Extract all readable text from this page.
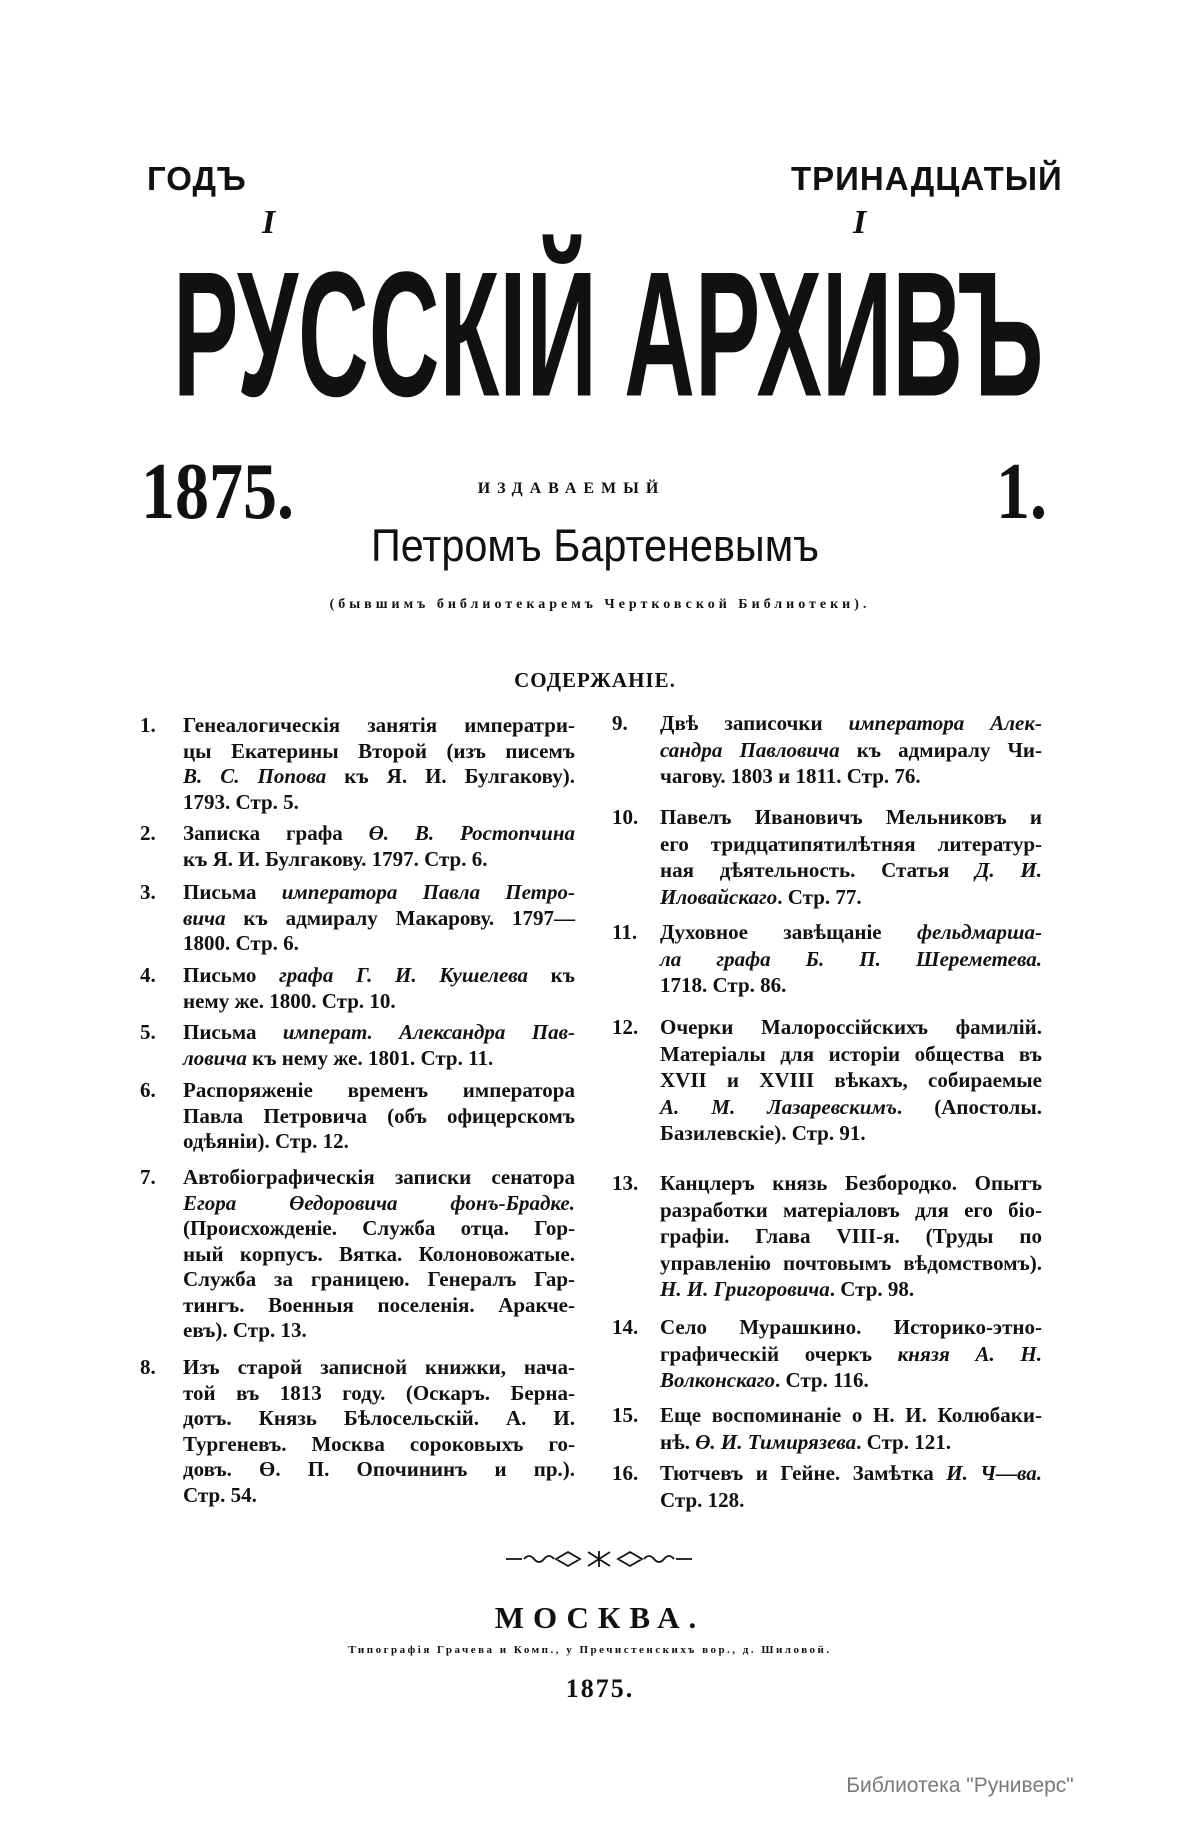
ГОДЪ	ТРИНАДЦАТЫЙ
I	I
РУССКІЙ АРХИВЪ
1875.	1.
ИЗДАВАЕМЫЙ
Петромъ Бартеневымъ
(бывшимъ библиотекаремъ Чертковской Библиотеки).
СОДЕРЖАНІЕ.
1. Генеалогическія занятія императри-
цы Екатерины Второй (изъ писемъ
В. С. Попова къ Я. И. Булгакову).
1793. Стр. 5.
2. Записка графа Ө. В. Ростопчина
къ Я. И. Булгакову. 1797. Стр. 6.
3. Письма императора Павла Петро-
вича къ адмиралу Макарову. 1797—
1800. Стр. 6.
4. Письмо графа Г. И. Кушелева къ
нему же. 1800. Стр. 10.
5. Письма императ. Александра Пав-
ловича къ нему же. 1801. Стр. 11.
6. Распоряженіе временъ императора
Павла Петровича (объ офицерскомъ
одѣяніи). Стр. 12.
7. Автобіографическія записки сенатора
Егора Өедоровича фонъ-Брадке.
(Происхожденіе. Служба отца. Гор-
ный корпусъ. Вятка. Колоновожатые.
Служба за границею. Генералъ Гар-
тингъ. Военныя поселенія. Аракче-
евъ). Стр. 13.
8. Изъ старой записной книжки, нача-
той въ 1813 году. (Оскаръ. Берна-
дотъ. Князь Бѣлосельскій. А. И.
Тургеневъ. Москва сороковыхъ го-
довъ. Ө. П. Опочининъ и пр.).
Стр. 54.
9. Двѣ записочки императора Алек-
сандра Павловича къ адмиралу Чи-
чагову. 1803 и 1811. Стр. 76.
10. Павелъ Ивановичъ Мельниковъ и
его тридцатипятилѣтняя литератур-
ная дѣятельность. Статья Д. И.
Иловайскаго. Стр. 77.
11. Духовное завѣщаніе фельдмарша-
ла графа Б. П. Шереметева.
1718. Стр. 86.
12. Очерки Малороссійскихъ фамилій.
Матеріалы для исторіи общества въ
XVII и XVIII вѣкахъ, собираемые
А. М. Лазаревскимъ. (Апостолы.
Базилевскіе). Стр. 91.
13. Канцлеръ князь Безбородко. Опытъ
разработки матеріаловъ для его біо-
графіи. Глава VIII-я. (Труды по
управленію почтовымъ вѣдомствомъ).
Н. И. Григоровича. Стр. 98.
14. Село Мурашкино. Историко-этно-
графическій очеркъ князя А. Н.
Волконскаго. Стр. 116.
15. Еще воспоминаніе о Н. И. Колюбаки-
нѣ. Ө. И. Тимирязева. Стр. 121.
16. Тютчевъ и Гейне. Замѣтка И. Ч—ва.
Стр. 128.
МОСКВА.
Типографія Грачева и Комп., у Пречистенскихъ вор., д. Шиловой.
1875.
Библиотека "Руниверс"
